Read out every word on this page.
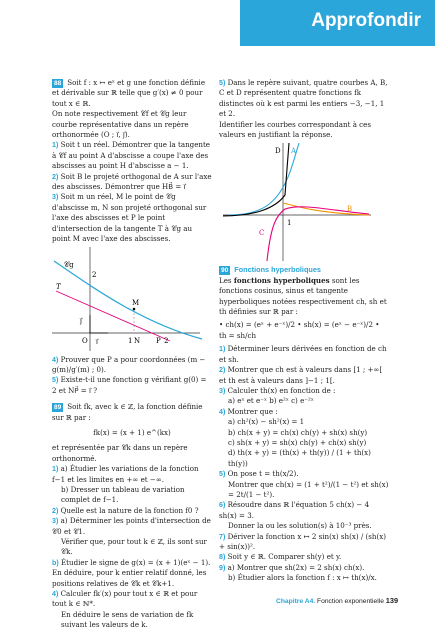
Approfondir
88 Soit f : x ↦ eˣ et g une fonction définie et dérivable sur ℝ telle que g′(x) ≠ 0 pour tout x ∈ ℝ.
On note respectivement 𝒞f et 𝒞g leur courbe représentative dans un repère orthonormée (O ; i⃗, j⃗).
1) Soit t un réel. Démontrer que la tangente à 𝒞f au point A d'abscisse a coupe l'axe des abscisses au point H d'abscisse a − 1.
2) Soit B le projeté orthogonal de A sur l'axe des abscisses. Démontrer que HB⃗ = i⃗
3) Soit m un réel, M le point de 𝒞g d'abscisse m, N son projeté orthogonal sur l'axe des abscisses et P le point d'intersection de la tangente T à 𝒞g au point M avec l'axe des abscisses.
𝒞g
T
j⃗
i⃗
O
M
N P
2
1	2
4) Prouver que P a pour coordonnées (m − g(m)/g′(m) ; 0).
5) Existe-t-il une fonction g vérifiant g(0) = 2 et NP⃗ = i⃗ ?
89 Soit fk, avec k ∈ ℤ, la fonction définie sur ℝ par :
fk(x) = (x + 1) e^(kx)
et représentée par 𝒞k dans un repère orthonormé.
1) a) Étudier les variations de la fonction f−1 et les limites en +∞ et −∞.
b) Dresser un tableau de variation complet de f−1.
2) Quelle est la nature de la fonction f0 ?
3) a) Déterminer les points d'intersection de 𝒞0 et 𝒞1.
Vérifier que, pour tout k ∈ ℤ, ils sont sur 𝒞k.
b) Étudier le signe de g(x) = (x + 1)(eˣ − 1).
En déduire, pour k entier relatif donné, les positions relatives de 𝒞k et 𝒞k+1.
4) Calculer fk′(x) pour tout x ∈ ℝ et pour tout k ∈ ℕ*.
En déduire le sens de variation de fk suivant les valeurs de k.
5) Dans le repère suivant, quatre courbes A, B, C et D représentent quatre fonctions fk distinctes où k est parmi les entiers −3, −1, 1 et 2.
Identifier les courbes correspondant à ces valeurs en justifiant la réponse.
A
B
C
D
1
90 Fonctions hyperboliques
Les fonctions hyperboliques sont les fonctions cosinus, sinus et tangente hyperboliques notées respectivement ch, sh et th définies sur ℝ par :
• ch(x) = (eˣ + e⁻ˣ)/2 • sh(x) = (eˣ − e⁻ˣ)/2 • th = sh/ch
1) Déterminer leurs dérivées en fonction de ch et sh.
2) Montrer que ch est à valeurs dans [1 ; +∞[ et th est à valeurs dans ]−1 ; 1[.
3) Calculer th(x) en fonction de :
a) eˣ et e⁻ˣ b) e²ˣ c) e⁻²ˣ
4) Montrer que :
a) ch²(x) − sh²(x) = 1
b) ch(x + y) = ch(x) ch(y) + sh(x) sh(y)
c) sh(x + y) = sh(x) ch(y) + ch(x) sh(y)
d) th(x + y) = (th(x) + th(y)) / (1 + th(x) th(y))
5) On pose t = th(x/2).
Montrer que ch(x) = (1 + t²)/(1 − t²) et sh(x) = 2t/(1 − t²).
6) Résoudre dans ℝ l'équation 5 ch(x) − 4 sh(x) = 3.
Donner la ou les solution(s) à 10⁻³ près.
7) Dériver la fonction x ↦ 2 sin(x) sh(x) / (sh(x) + sin(x))².
8) Soit y ∈ ℝ. Comparer sh(y) et y.
9) a) Montrer que sh(2x) = 2 sh(x) ch(x).
b) Étudier alors la fonction f : x ↦ th(x)/x.
Chapitre A4. Fonction exponentielle 139
